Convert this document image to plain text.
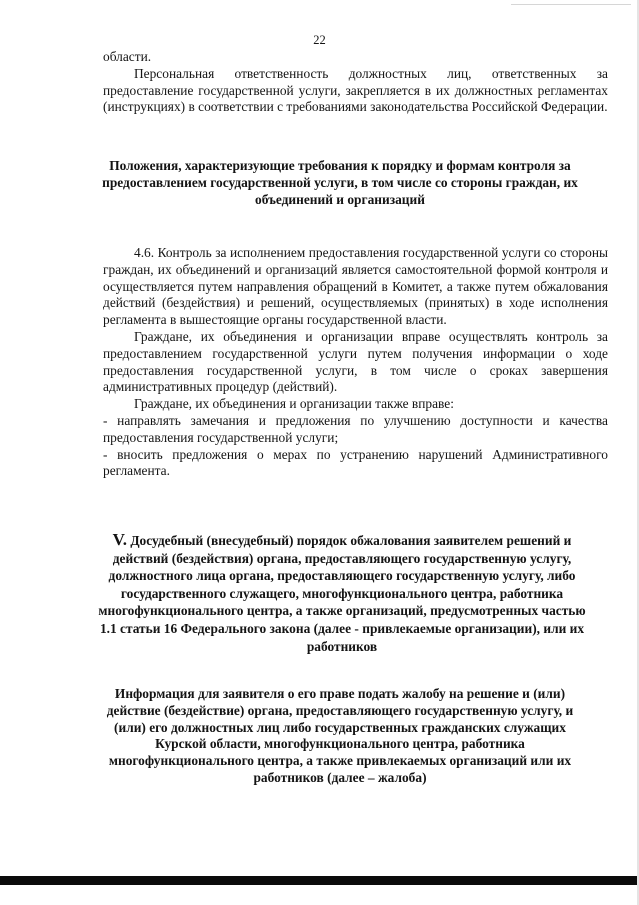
22

области.

Персональная ответственность должностных лиц, ответственных за предоставление государственной услуги, закрепляется в их должностных регламентах (инструкциях) в соответствии с требованиями законодательства Российской Федерации.

Положения, характеризующие требования к порядку и формам контроля за предоставлением государственной услуги, в том числе со стороны граждан, их объединений и организаций

4.6. Контроль за исполнением предоставления государственной услуги со стороны граждан, их объединений и организаций является самостоятельной формой контроля и осуществляется путем направления обращений в Комитет, а также путем обжалования действий (бездействия) и решений, осуществляемых (принятых) в ходе исполнения регламента в вышестоящие органы государственной власти.

Граждане, их объединения и организации вправе осуществлять контроль за предоставлением государственной услуги путем получения информации о ходе предоставления государственной услуги, в том числе о сроках завершения административных процедур (действий).

Граждане, их объединения и организации также вправе:

- направлять замечания и предложения по улучшению доступности и качества предоставления государственной услуги;

- вносить предложения о мерах по устранению нарушений Административного регламента.

V. Досудебный (внесудебный) порядок обжалования заявителем решений и действий (бездействия) органа, предоставляющего государственную услугу, должностного лица органа, предоставляющего государственную услугу, либо государственного служащего, многофункционального центра, работника многофункционального центра, а также организаций, предусмотренных частью 1.1 статьи 16 Федерального закона (далее - привлекаемые организации), или их работников

Информация для заявителя о его праве подать жалобу на решение и (или) действие (бездействие) органа, предоставляющего государственную услугу, и (или) его должностных лиц либо государственных гражданских служащих Курской области, многофункционального центра, работника многофункционального центра, а также привлекаемых организаций или их работников (далее – жалоба)
